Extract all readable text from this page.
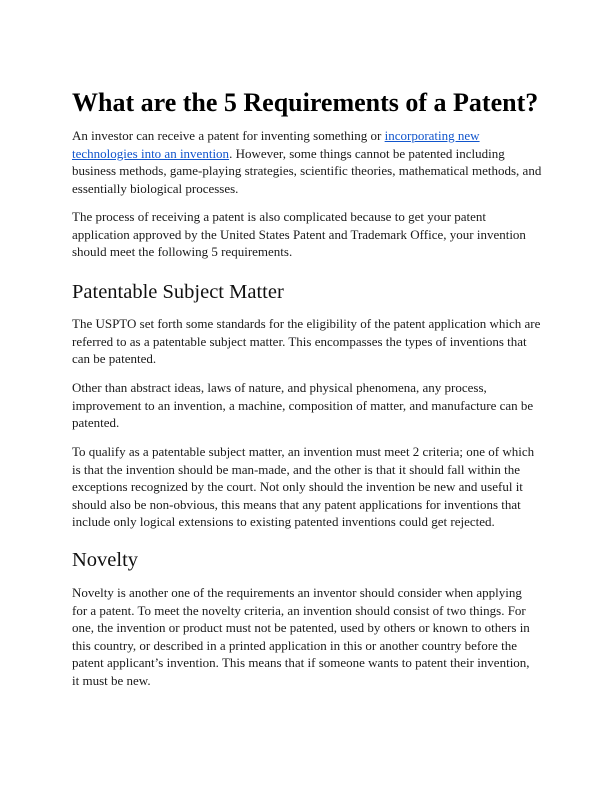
What are the 5 Requirements of a Patent?
An investor can receive a patent for inventing something or incorporating new
technologies into an invention. However, some things cannot be patented including
business methods, game-playing strategies, scientific theories, mathematical methods, and
essentially biological processes.
The process of receiving a patent is also complicated because to get your patent
application approved by the United States Patent and Trademark Office, your invention
should meet the following 5 requirements.
Patentable Subject Matter
The USPTO set forth some standards for the eligibility of the patent application which are
referred to as a patentable subject matter. This encompasses the types of inventions that
can be patented.
Other than abstract ideas, laws of nature, and physical phenomena, any process,
improvement to an invention, a machine, composition of matter, and manufacture can be
patented.
To qualify as a patentable subject matter, an invention must meet 2 criteria; one of which
is that the invention should be man-made, and the other is that it should fall within the
exceptions recognized by the court. Not only should the invention be new and useful it
should also be non-obvious, this means that any patent applications for inventions that
include only logical extensions to existing patented inventions could get rejected.
Novelty
Novelty is another one of the requirements an inventor should consider when applying
for a patent. To meet the novelty criteria, an invention should consist of two things. For
one, the invention or product must not be patented, used by others or known to others in
this country, or described in a printed application in this or another country before the
patent applicant’s invention. This means that if someone wants to patent their invention,
it must be new.
